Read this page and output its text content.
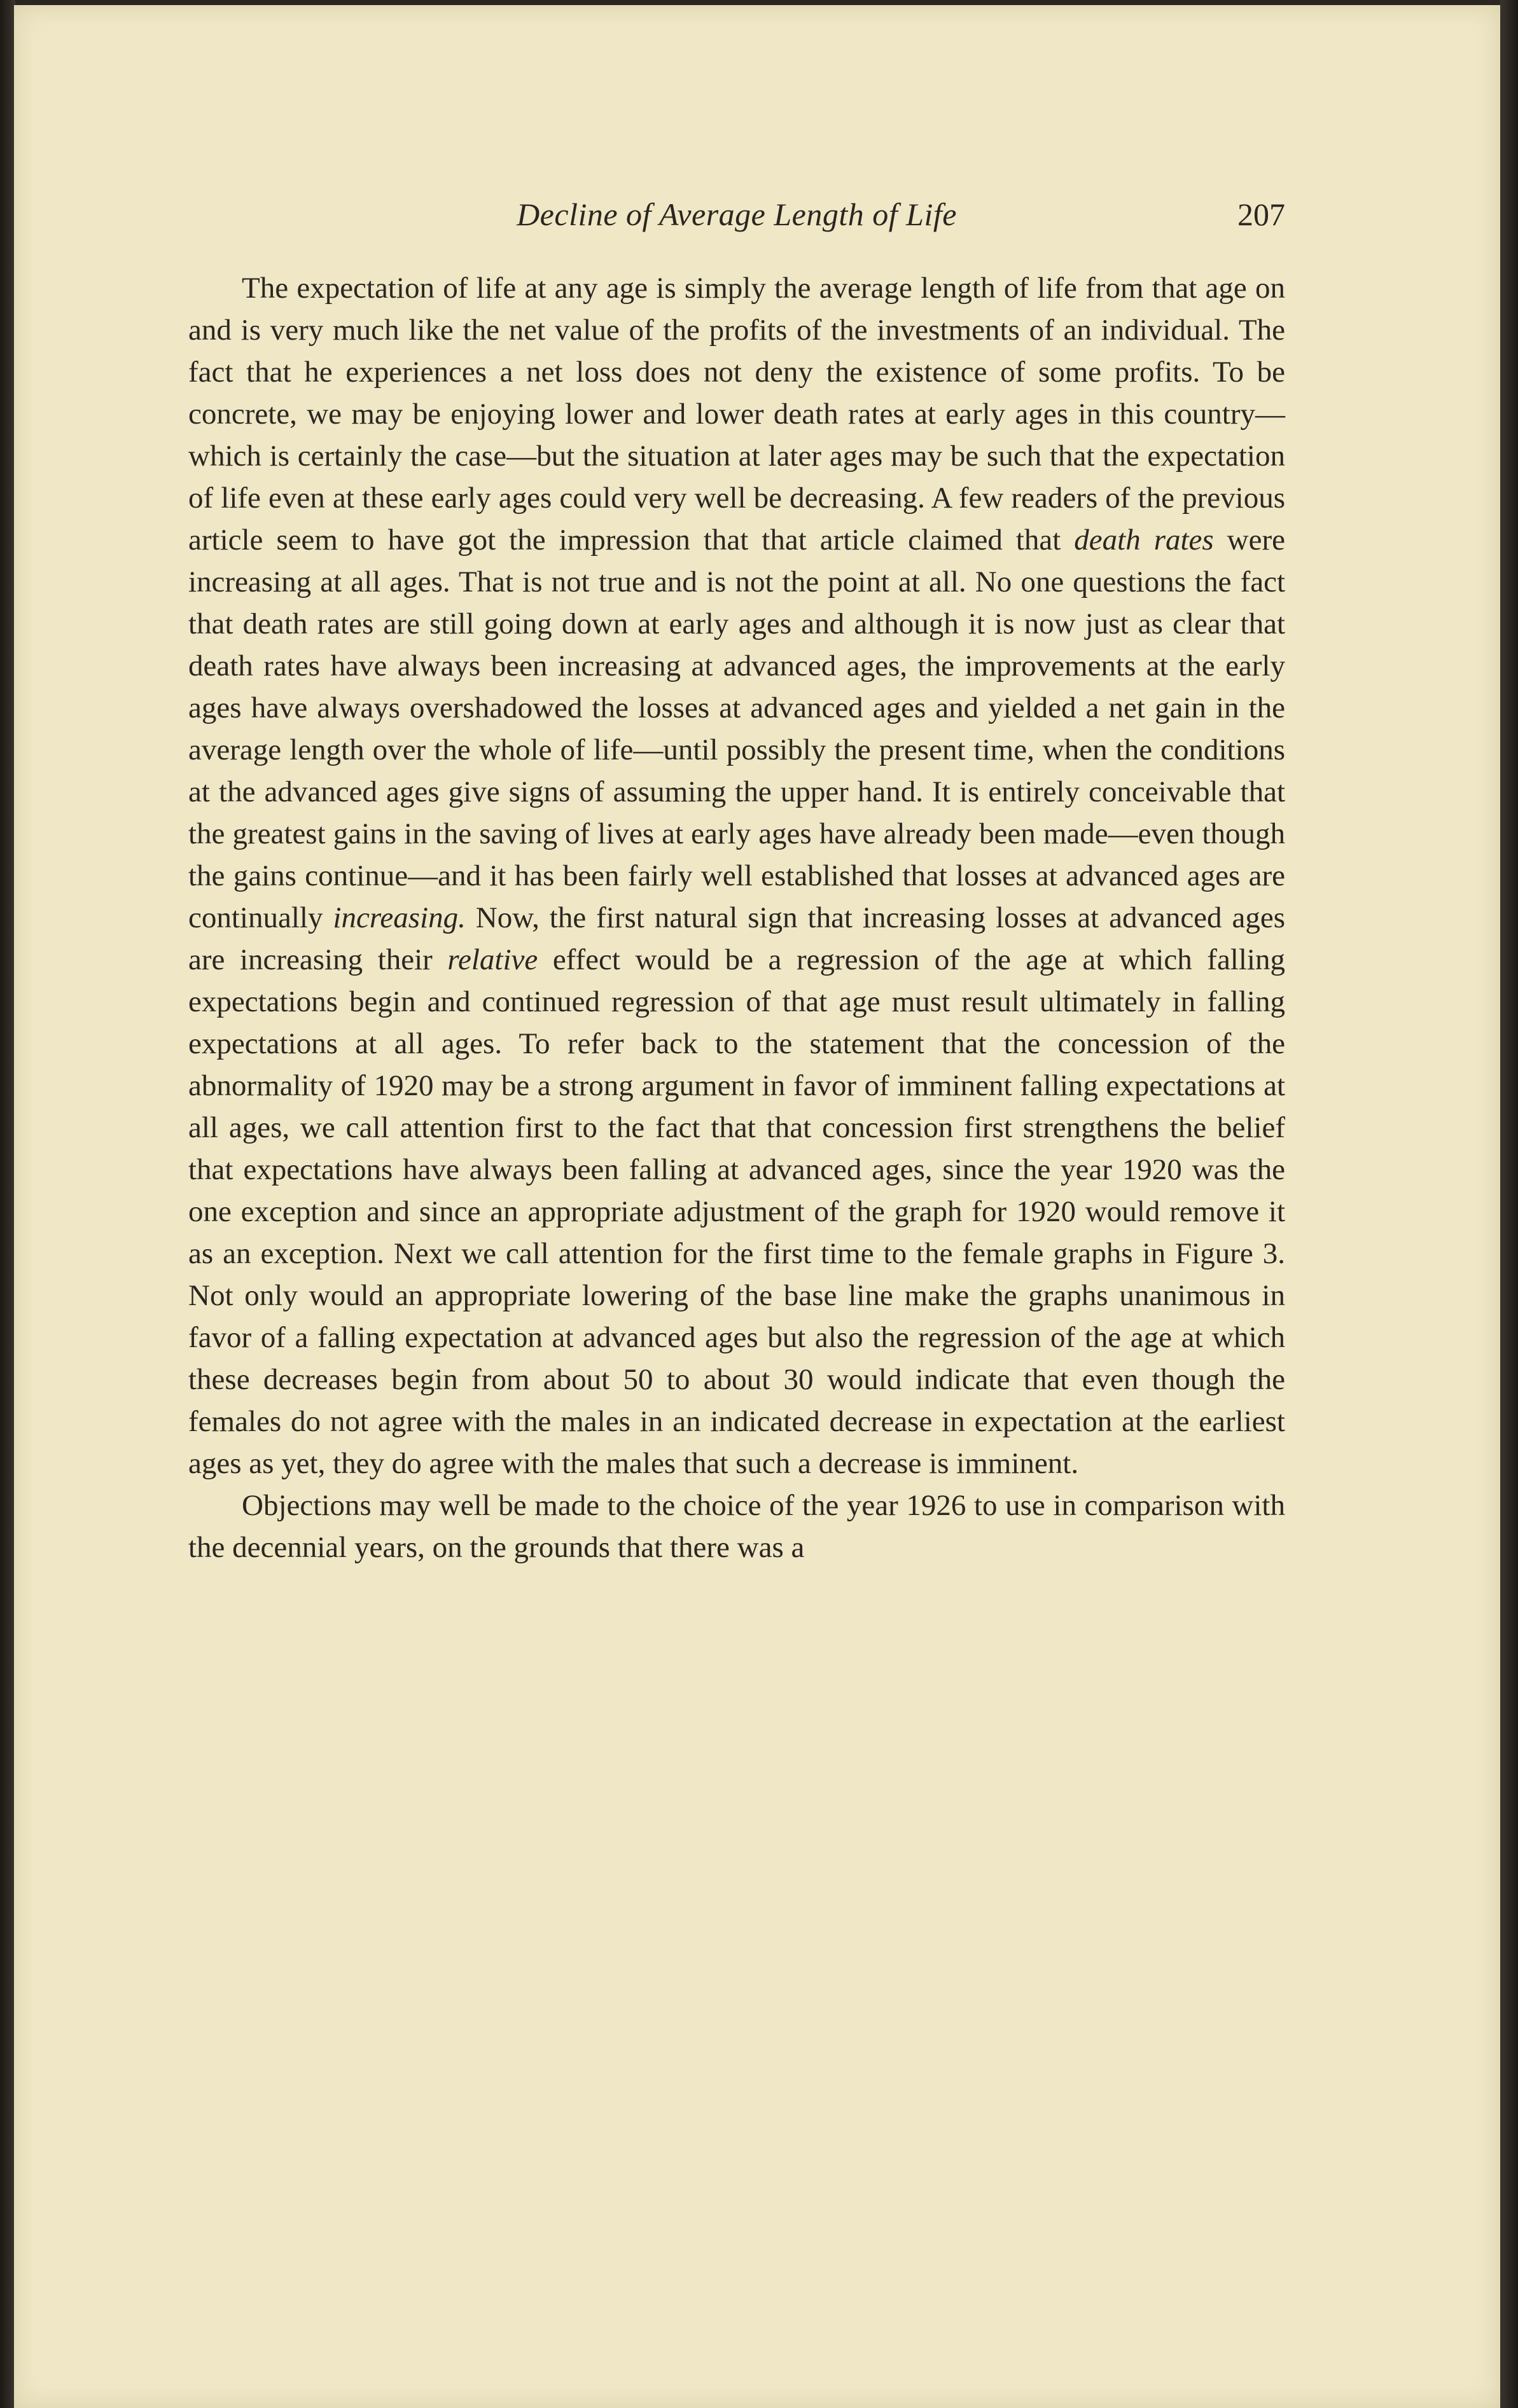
Decline of Average Length of Life	207

The expectation of life at any age is simply the average length of life from that age on and is very much like the net value of the profits of the investments of an individual. The fact that he experiences a net loss does not deny the existence of some profits. To be concrete, we may be enjoying lower and lower death rates at early ages in this country—which is certainly the case—but the situation at later ages may be such that the expectation of life even at these early ages could very well be decreasing. A few readers of the previous article seem to have got the impression that that article claimed that death rates were increasing at all ages. That is not true and is not the point at all. No one questions the fact that death rates are still going down at early ages and although it is now just as clear that death rates have always been increasing at advanced ages, the improvements at the early ages have always overshadowed the losses at advanced ages and yielded a net gain in the average length over the whole of life—until possibly the present time, when the conditions at the advanced ages give signs of assuming the upper hand. It is entirely conceivable that the greatest gains in the saving of lives at early ages have already been made—even though the gains continue—and it has been fairly well established that losses at advanced ages are continually increasing. Now, the first natural sign that increasing losses at advanced ages are increasing their relative effect would be a regression of the age at which falling expectations begin and continued regression of that age must result ultimately in falling expectations at all ages. To refer back to the statement that the concession of the abnormality of 1920 may be a strong argument in favor of imminent falling expectations at all ages, we call attention first to the fact that that concession first strengthens the belief that expectations have always been falling at advanced ages, since the year 1920 was the one exception and since an appropriate adjustment of the graph for 1920 would remove it as an exception. Next we call attention for the first time to the female graphs in Figure 3. Not only would an appropriate lowering of the base line make the graphs unanimous in favor of a falling expectation at advanced ages but also the regression of the age at which these decreases begin from about 50 to about 30 would indicate that even though the females do not agree with the males in an indicated decrease in expectation at the earliest ages as yet, they do agree with the males that such a decrease is imminent.

Objections may well be made to the choice of the year 1926 to use in comparison with the decennial years, on the grounds that there was a
